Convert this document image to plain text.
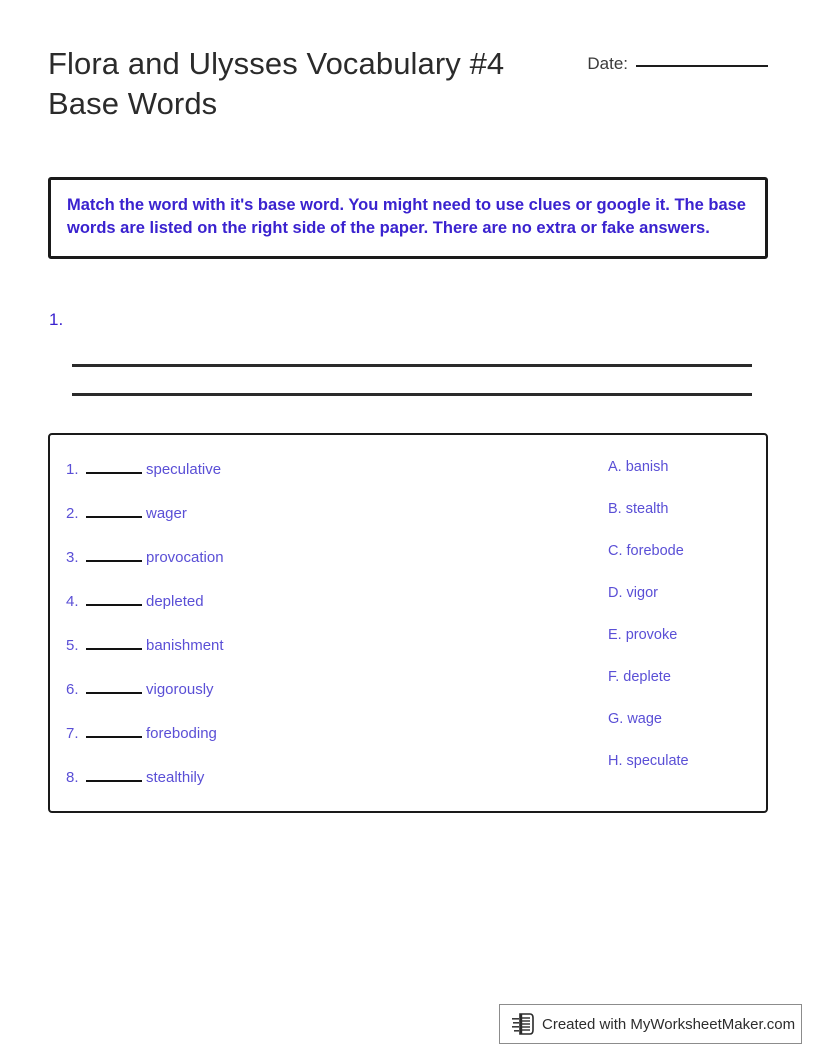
Flora and Ulysses Vocabulary #4 Base Words
Date:
Match the word with it's base word. You might need to use clues or google it. The base words are listed on the right side of the paper. There are no extra or fake answers.
1.
1.	speculative
2.	wager
3.	provocation
4.	depleted
5.	banishment
6.	vigorously
7.	foreboding
8.	stealthily
A. banish
B. stealth
C. forebode
D. vigor
E. provoke
F. deplete
G. wage
H. speculate
Created with MyWorksheetMaker.com
